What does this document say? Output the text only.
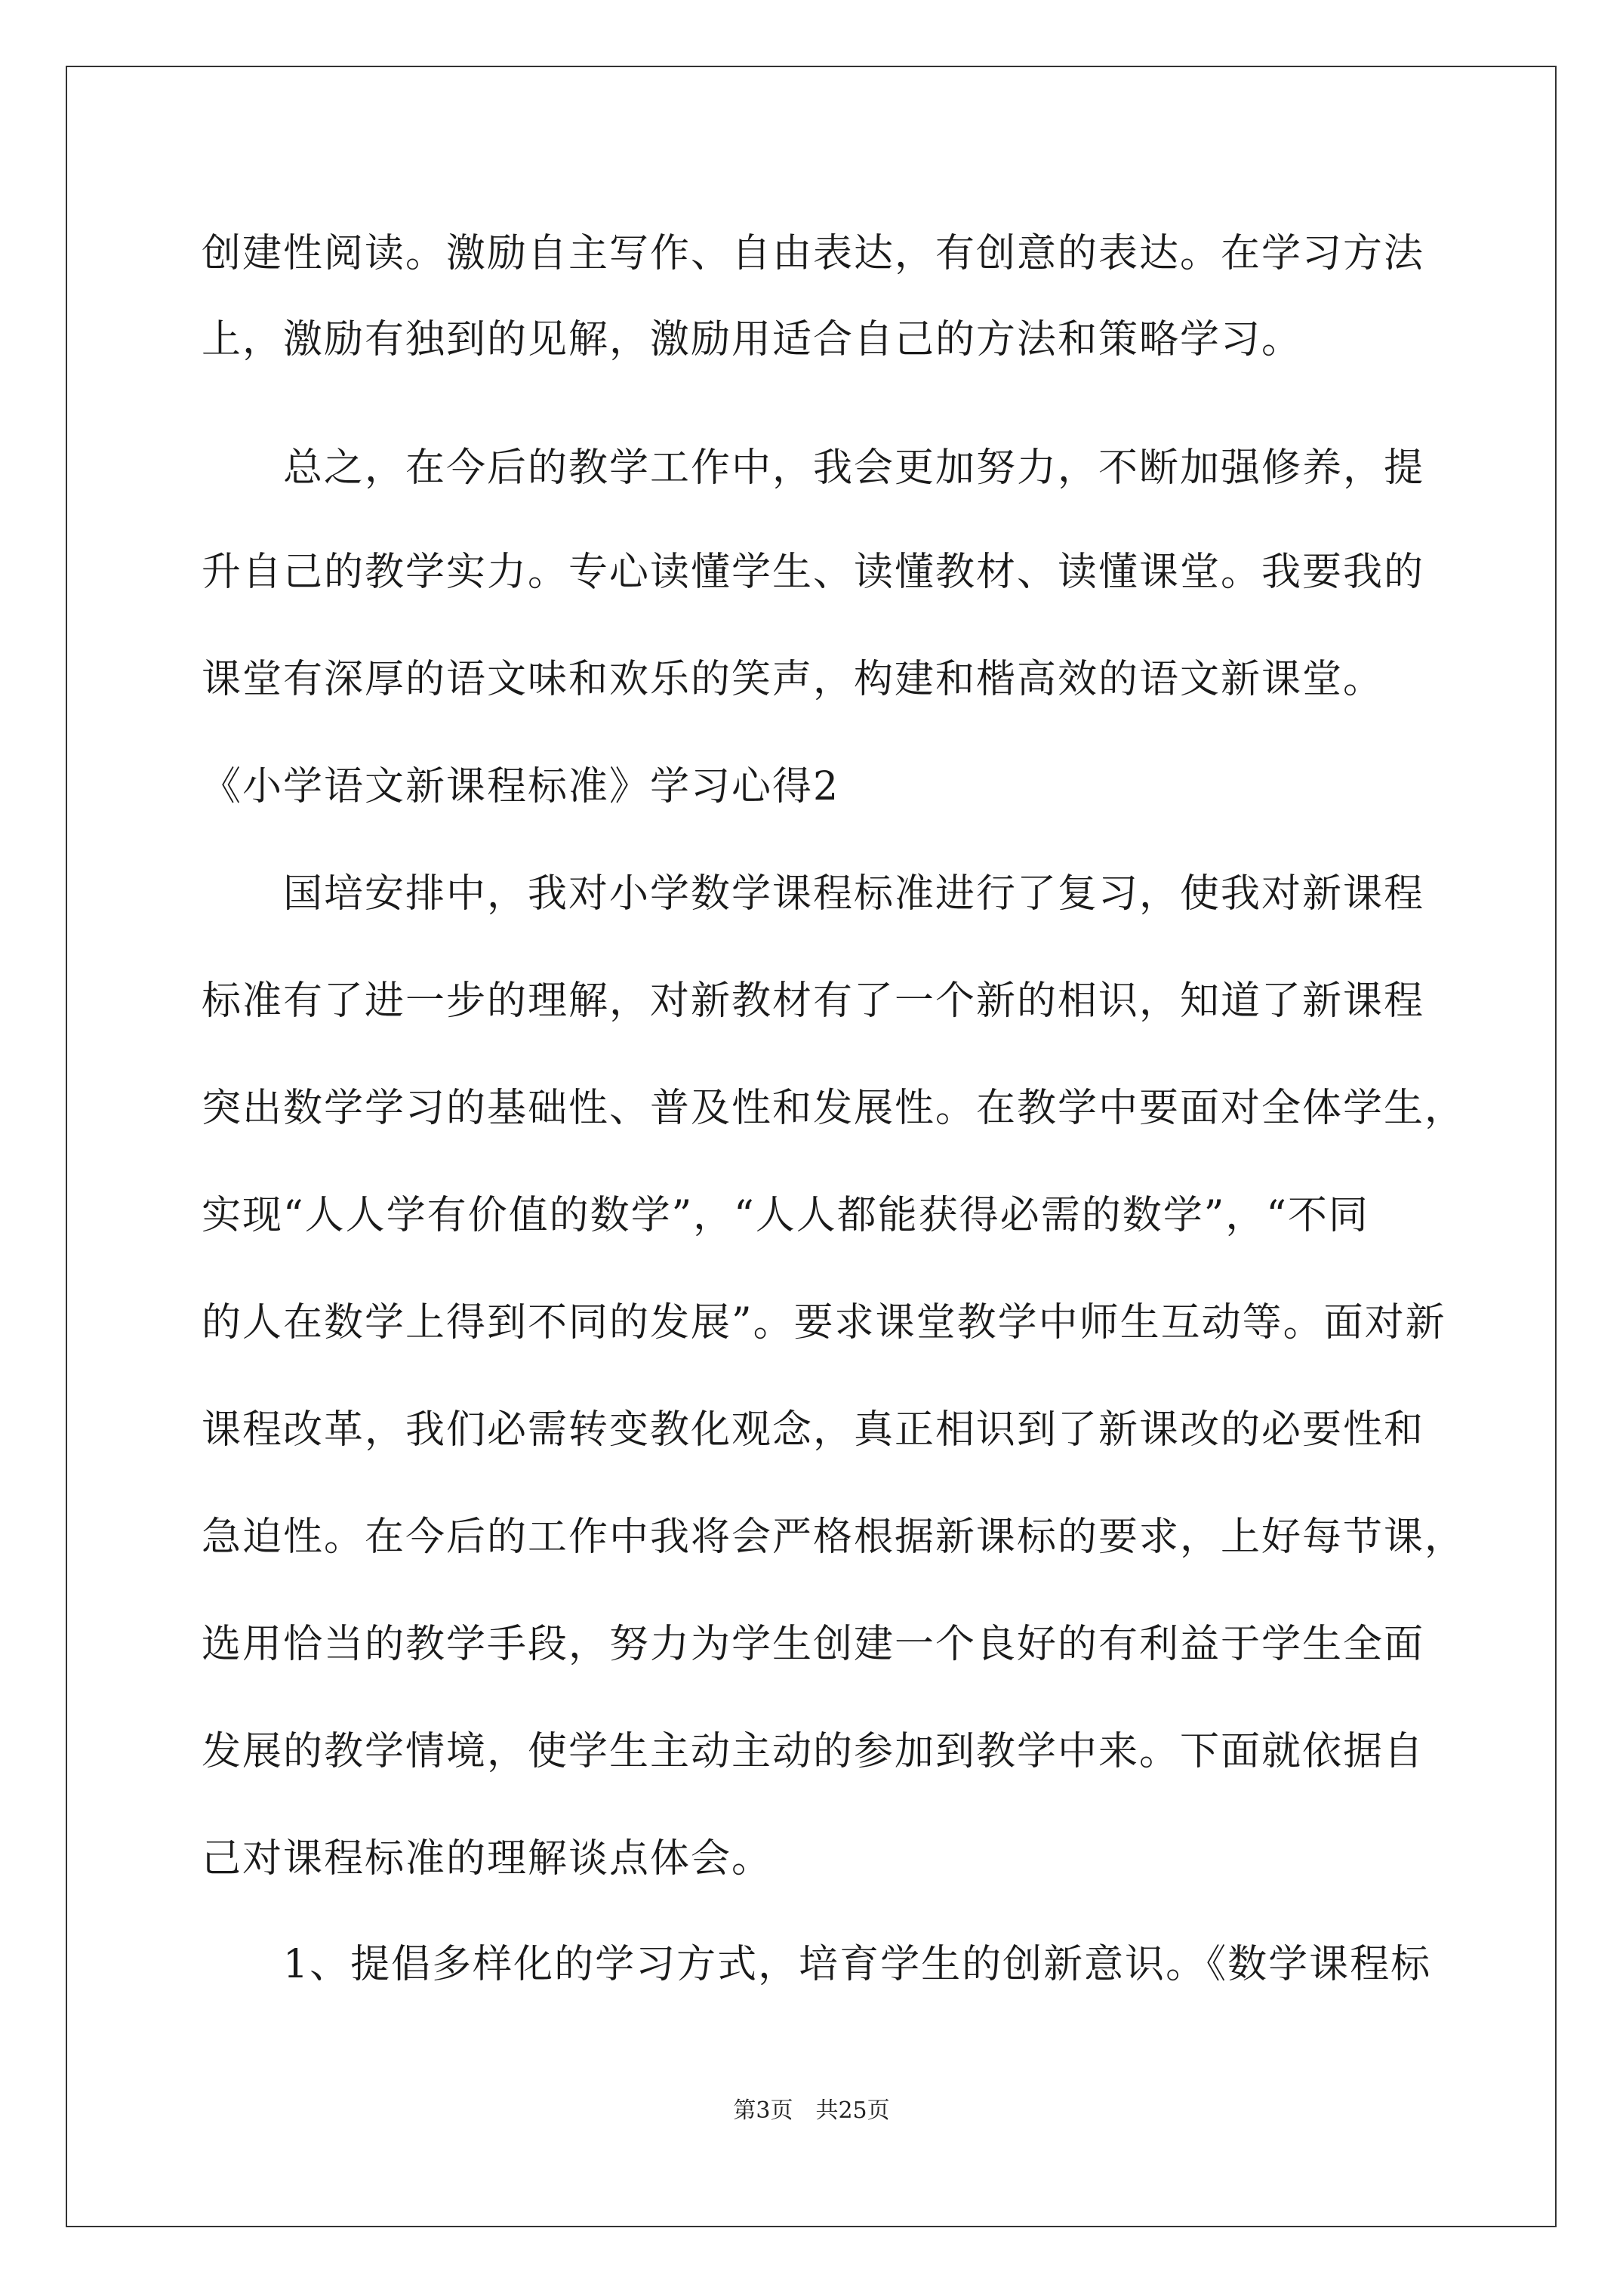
创建性阅读。激励自主写作、自由表达，有创意的表达。在学习方法
上，激励有独到的见解，激励用适合自己的方法和策略学习。
总之，在今后的教学工作中，我会更加努力，不断加强修养，提
升自己的教学实力。专心读懂学生、读懂教材、读懂课堂。我要我的
课堂有深厚的语文味和欢乐的笑声，构建和楷高效的语文新课堂。
《小学语文新课程标准》学习心得2
国培安排中，我对小学数学课程标准进行了复习，使我对新课程
标准有了进一步的理解，对新教材有了一个新的相识，知道了新课程
突出数学学习的基础性、普及性和发展性。在教学中要面对全体学生，
实现“人人学有价值的数学”，“人人都能获得必需的数学”，“不同
的人在数学上得到不同的发展”。要求课堂教学中师生互动等。面对新
课程改革，我们必需转变教化观念，真正相识到了新课改的必要性和
急迫性。在今后的工作中我将会严格根据新课标的要求，上好每节课，
选用恰当的教学手段，努力为学生创建一个良好的有利益于学生全面
发展的教学情境，使学生主动主动的参加到教学中来。下面就依据自
己对课程标准的理解谈点体会。
1、提倡多样化的学习方式，培育学生的创新意识。《数学课程标
第3页　共25页
